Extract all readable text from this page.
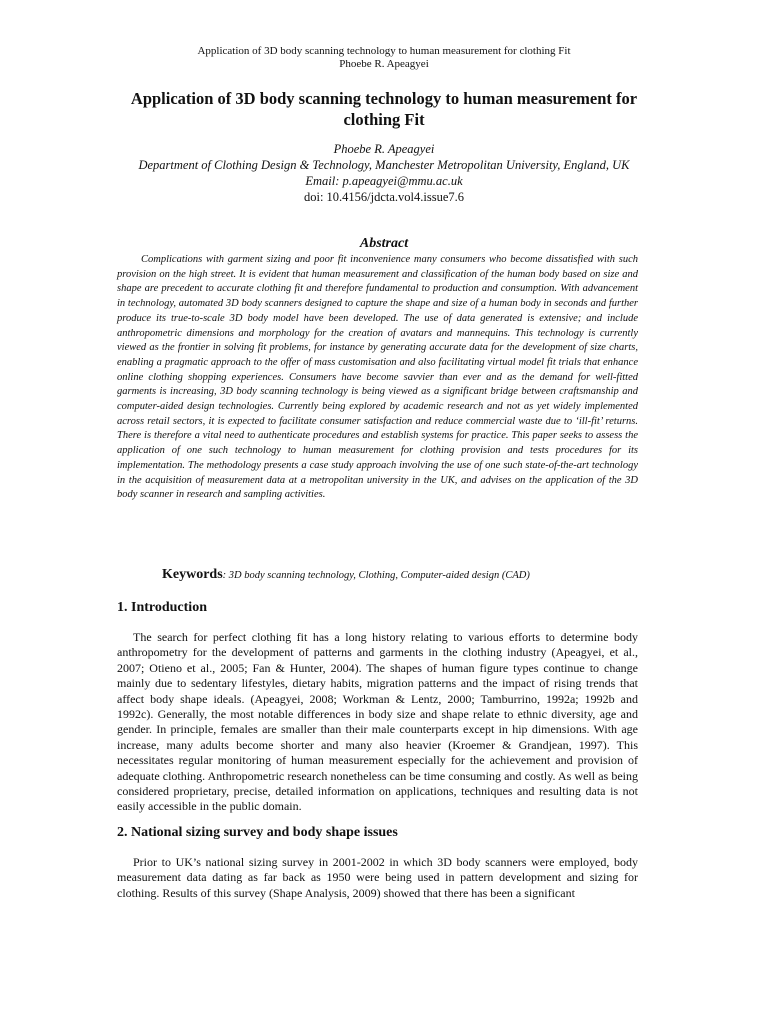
Application of 3D body scanning technology to human measurement for clothing Fit
Phoebe R. Apeagyei
Application of 3D body scanning technology to human measurement for clothing Fit
Phoebe R. Apeagyei
Department of Clothing Design & Technology, Manchester Metropolitan University, England, UK
Email: p.apeagyei@mmu.ac.uk
doi: 10.4156/jdcta.vol4.issue7.6
Abstract

Complications with garment sizing and poor fit inconvenience many consumers who become dissatisfied with such provision on the high street. It is evident that human measurement and classification of the human body based on size and shape are precedent to accurate clothing fit and therefore fundamental to production and consumption. With advancement in technology, automated 3D body scanners designed to capture the shape and size of a human body in seconds and further produce its true-to-scale 3D body model have been developed. The use of data generated is extensive; and include anthropometric dimensions and morphology for the creation of avatars and mannequins. This technology is currently viewed as the frontier in solving fit problems, for instance by generating accurate data for the development of size charts, enabling a pragmatic approach to the offer of mass customisation and also facilitating virtual model fit trials that enhance online clothing shopping experiences. Consumers have become savvier than ever and as the demand for well-fitted garments is increasing, 3D body scanning technology is being viewed as a significant bridge between craftsmanship and computer-aided design technologies. Currently being explored by academic research and not as yet widely implemented across retail sectors, it is expected to facilitate consumer satisfaction and reduce commercial waste due to ‘ill-fit’ returns. There is therefore a vital need to authenticate procedures and establish systems for practice. This paper seeks to assess the application of one such technology to human measurement for clothing provision and tests procedures for its implementation. The methodology presents a case study approach involving the use of one such state-of-the-art technology in the acquisition of measurement data at a metropolitan university in the UK, and advises on the application of the 3D body scanner in research and sampling activities.

Keywords: 3D body scanning technology, Clothing, Computer-aided design (CAD)

1. Introduction

The search for perfect clothing fit has a long history relating to various efforts to determine body anthropometry for the development of patterns and garments in the clothing industry (Apeagyei, et al., 2007; Otieno et al., 2005; Fan & Hunter, 2004). The shapes of human figure types continue to change mainly due to sedentary lifestyles, dietary habits, migration patterns and the impact of rising trends that affect body shape ideals. (Apeagyei, 2008; Workman & Lentz, 2000; Tamburrino, 1992a; 1992b and 1992c). Generally, the most notable differences in body size and shape relate to ethnic diversity, age and gender. In principle, females are smaller than their male counterparts except in hip dimensions. With age increase, many adults become shorter and many also heavier (Kroemer & Grandjean, 1997). This necessitates regular monitoring of human measurement especially for the achievement and provision of adequate clothing. Anthropometric research nonetheless can be time consuming and costly. As well as being considered proprietary, precise, detailed information on applications, techniques and resulting data is not easily accessible in the public domain.

2. National sizing survey and body shape issues

Prior to UK’s national sizing survey in 2001-2002 in which 3D body scanners were employed, body measurement data dating as far back as 1950 were being used in pattern development and sizing for clothing. Results of this survey (Shape Analysis, 2009) showed that there has been a significant
